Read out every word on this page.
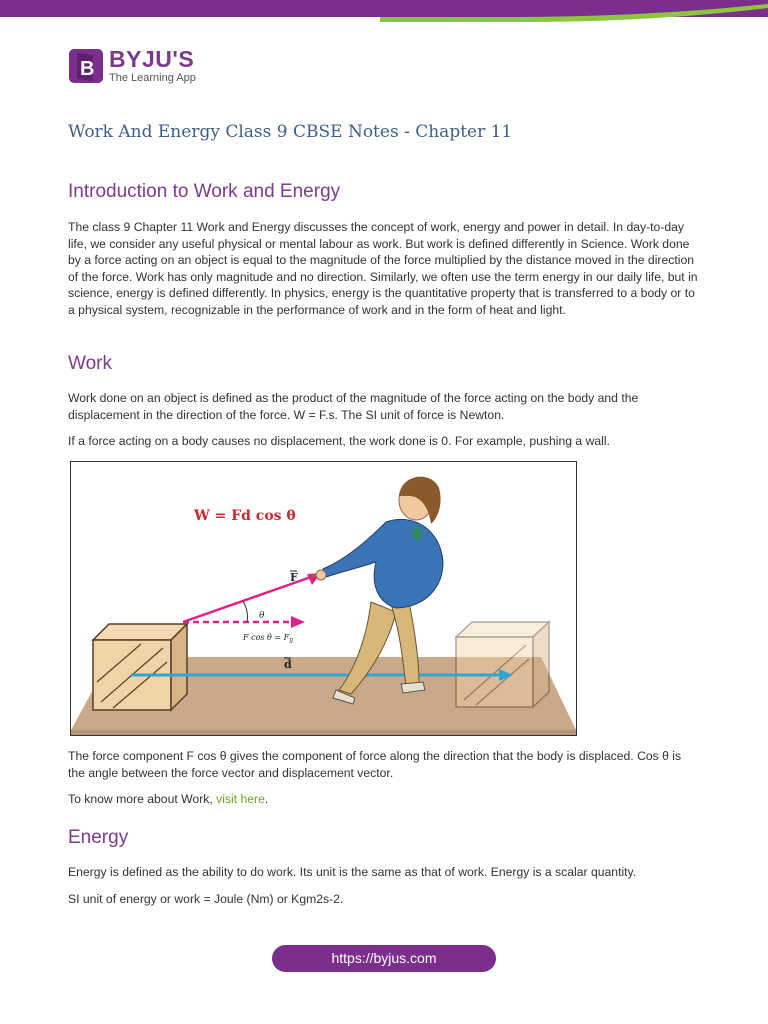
B BYJU'S
The Learning App
Work And Energy Class 9 CBSE Notes - Chapter 11
Introduction to Work and Energy

The class 9 Chapter 11 Work and Energy discusses the concept of work, energy and power in detail. In day-to-day life, we consider any useful physical or mental labour as work. But work is defined differently in Science. Work done by a force acting on an object is equal to the magnitude of the force multiplied by the distance moved in the direction of the force. Work has only magnitude and no direction. Similarly, we often use the term energy in our daily life, but in science, energy is defined differently. In physics, energy is the quantitative property that is transferred to a body or to a physical system, recognizable in the performance of work and in the form of heat and light.

Work

Work done on an object is defined as the product of the magnitude of the force acting on the body and the displacement in the direction of the force. W = F.s. The SI unit of force is Newton.

If a force acting on a body causes no displacement, the work done is 0. For example, pushing a wall.

W = Fd cos θ
F
θ
F $\cos \theta = F_{ll}$
d

The force component F cos θ gives the component of force along the direction that the body is displaced. Cos θ is the angle between the force vector and displacement vector.

To know more about Work, visit here.

Energy

Energy is defined as the ability to do work. Its unit is the same as that of work. Energy is a scalar quantity.

SI unit of energy or work = Joule (Nm) or Kgm2s-2.

https://byjus.com
